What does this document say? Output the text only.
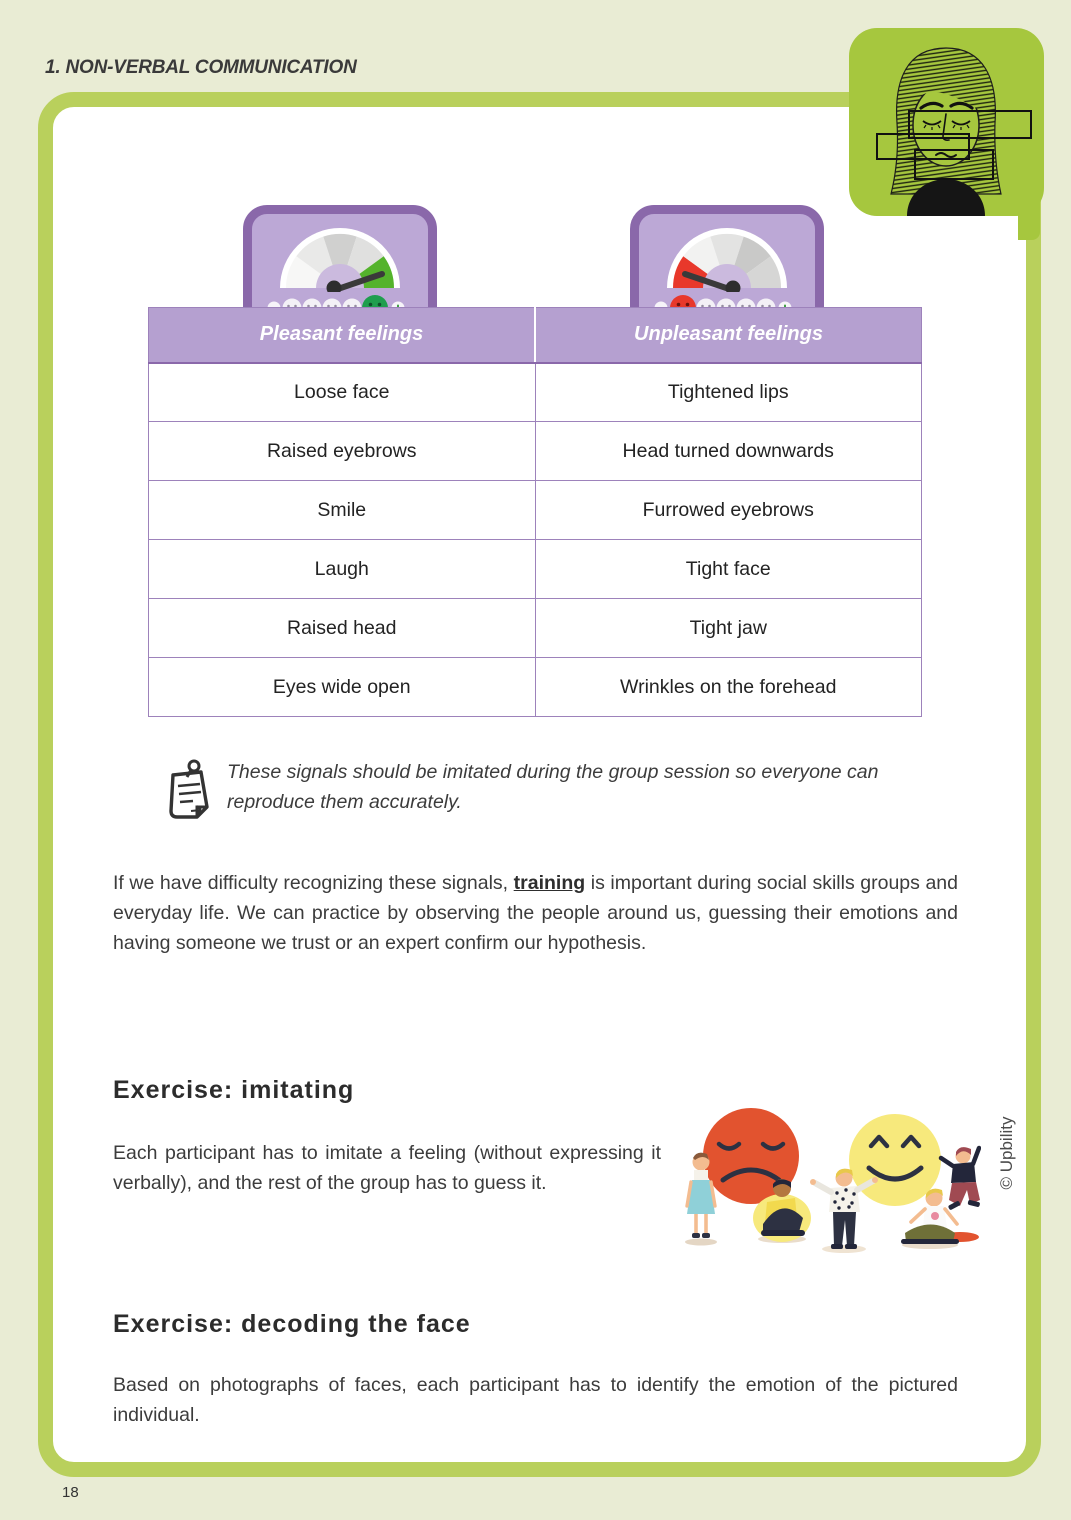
1. NON-VERBAL COMMUNICATION
Pleasant feelings	Unpleasant feelings
Loose face	Tightened lips
Raised eyebrows	Head turned downwards
Smile	Furrowed eyebrows
Laugh	Tight face
Raised head	Tight jaw
Eyes wide open	Wrinkles on the forehead
These signals should be imitated during the group session so everyone can reproduce them accurately.

If we have difficulty recognizing these signals, training is important during social skills groups and everyday life. We can practice by observing the people around us, guessing their emotions and having someone we trust or an expert confirm our hypothesis.

Exercise: imitating

Each participant has to imitate a feeling (without expressing it verbally), and the rest of the group has to guess it.	© Upbility
Exercise: decoding the face

Based on photographs of faces, each participant has to identify the emotion of the pictured individual.

18
